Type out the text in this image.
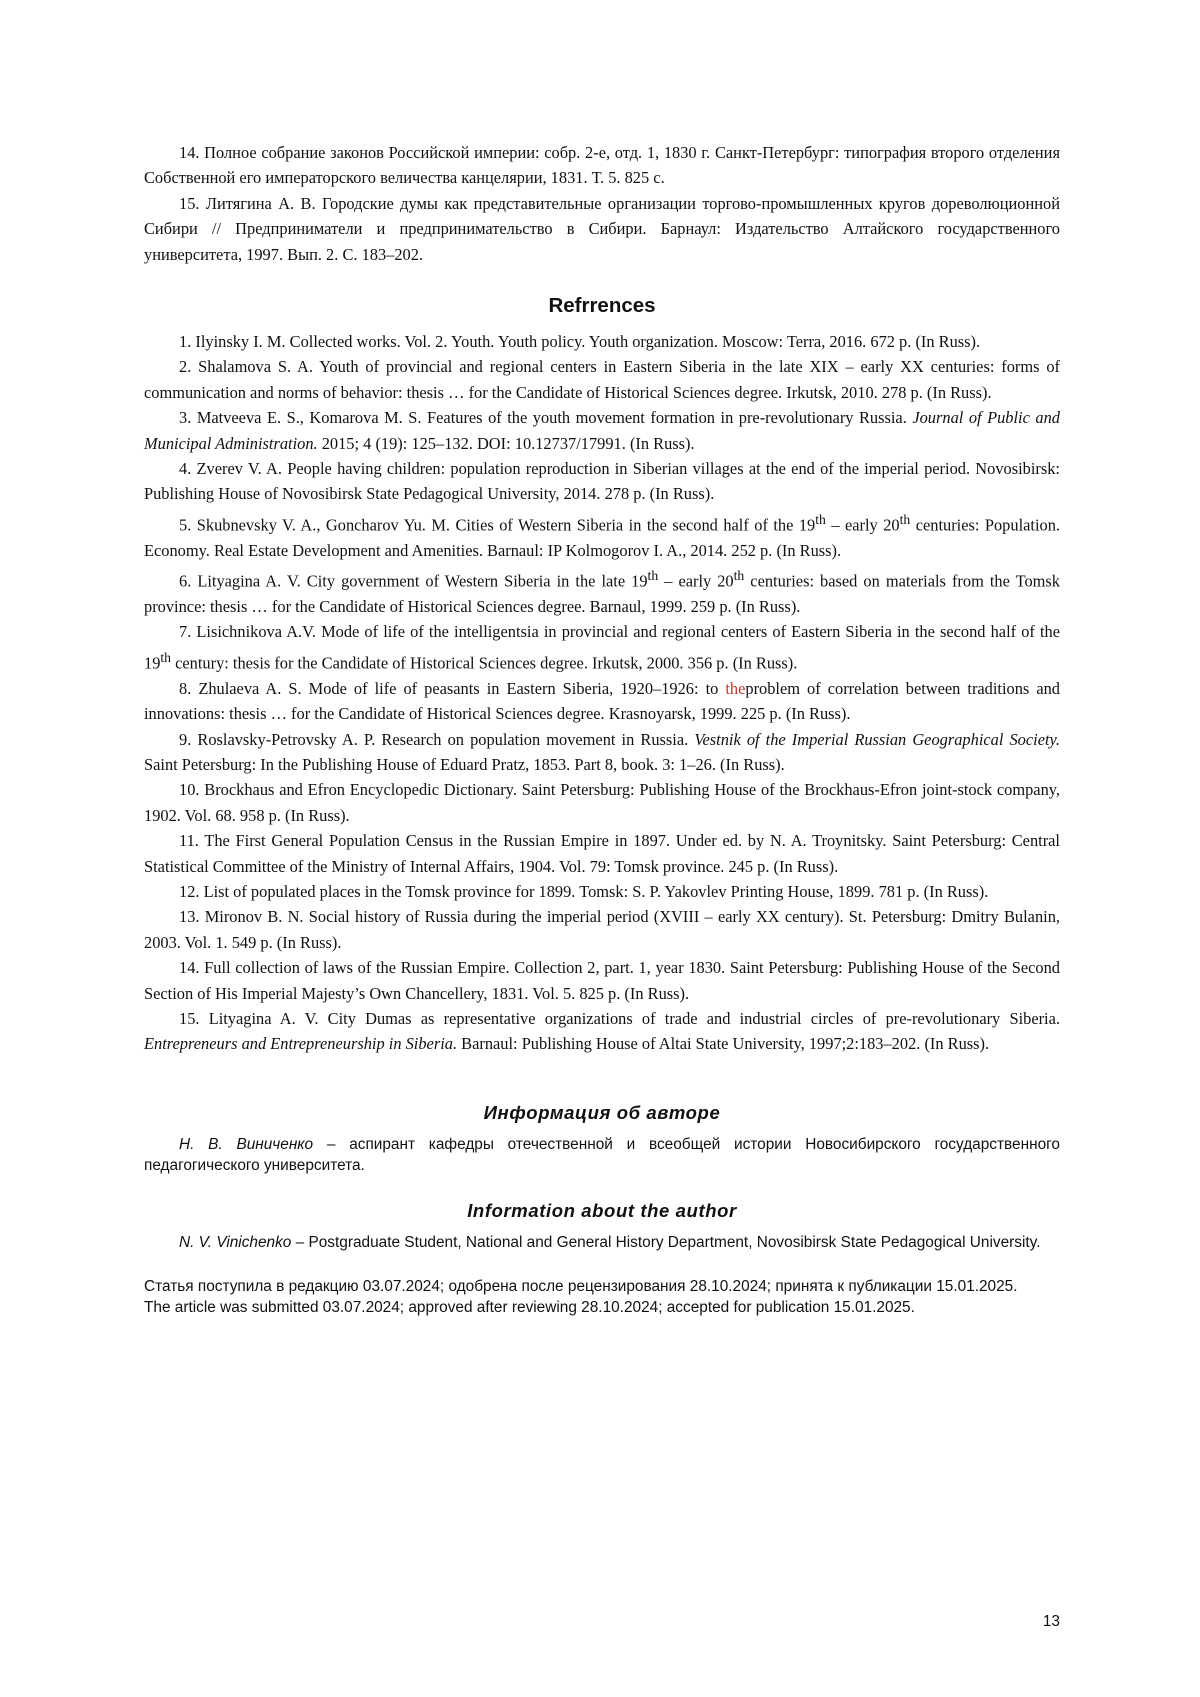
14. Полное собрание законов Российской империи: собр. 2-е, отд. 1, 1830 г. Санкт-Петербург: типография второго отделения Собственной его императорского величества канцелярии, 1831. Т. 5. 825 с.

15. Литягина А. В. Городские думы как представительные организации торгово-промышленных кругов дореволюционной Сибири // Предприниматели и предпринимательство в Сибири. Барнаул: Издательство Алтайского государственного университета, 1997. Вып. 2. С. 183–202.

Refrrences

1. Ilyinsky I. M. Collected works. Vol. 2. Youth. Youth policy. Youth organization. Moscow: Terra, 2016. 672 p. (In Russ).

2. Shalamova S. A. Youth of provincial and regional centers in Eastern Siberia in the late XIX – early XX centuries: forms of communication and norms of behavior: thesis … for the Candidate of Historical Sciences degree. Irkutsk, 2010. 278 p. (In Russ).

3. Matveeva E. S., Komarova M. S. Features of the youth movement formation in pre-revolutionary Russia. Journal of Public and Municipal Administration. 2015; 4 (19): 125–132. DOI: 10.12737/17991. (In Russ).

4. Zverev V. A. People having children: population reproduction in Siberian villages at the end of the imperial period. Novosibirsk: Publishing House of Novosibirsk State Pedagogical University, 2014. 278 p. (In Russ).

5. Skubnevsky V. A., Goncharov Yu. M. Cities of Western Siberia in the second half of the 19th – early 20th centuries: Population. Economy. Real Estate Development and Amenities. Barnaul: IP Kolmogorov I. A., 2014. 252 p. (In Russ).

6. Lityagina A. V. City government of Western Siberia in the late 19th – early 20th centuries: based on materials from the Tomsk province: thesis … for the Candidate of Historical Sciences degree. Barnaul, 1999. 259 p. (In Russ).

7. Lisichnikova A.V. Mode of life of the intelligentsia in provincial and regional centers of Eastern Siberia in the second half of the 19th century: thesis for the Candidate of Historical Sciences degree. Irkutsk, 2000. 356 p. (In Russ).

8. Zhulaeva A. S. Mode of life of peasants in Eastern Siberia, 1920–1926: to theproblem of correlation between traditions and innovations: thesis … for the Candidate of Historical Sciences degree. Krasnoyarsk, 1999. 225 p. (In Russ).

9. Roslavsky-Petrovsky A. P. Research on population movement in Russia. Vestnik of the Imperial Russian Geographical Society. Saint Petersburg: In the Publishing House of Eduard Pratz, 1853. Part 8, book. 3: 1–26. (In Russ).

10. Brockhaus and Efron Encyclopedic Dictionary. Saint Petersburg: Publishing House of the Brockhaus-Efron joint-stock company, 1902. Vol. 68. 958 p. (In Russ).

11. The First General Population Census in the Russian Empire in 1897. Under ed. by N. A. Troynitsky. Saint Petersburg: Central Statistical Committee of the Ministry of Internal Affairs, 1904. Vol. 79: Tomsk province. 245 p. (In Russ).

12. List of populated places in the Tomsk province for 1899. Tomsk: S. P. Yakovlev Printing House, 1899. 781 p. (In Russ).

13. Mironov B. N. Social history of Russia during the imperial period (XVIII – early XX century). St. Petersburg: Dmitry Bulanin, 2003. Vol. 1. 549 p. (In Russ).

14. Full collection of laws of the Russian Empire. Collection 2, part. 1, year 1830. Saint Petersburg: Publishing House of the Second Section of His Imperial Majesty’s Own Chancellery, 1831. Vol. 5. 825 p. (In Russ).

15. Lityagina A. V. City Dumas as representative organizations of trade and industrial circles of pre-revolutionary Siberia. Entrepreneurs and Entrepreneurship in Siberia. Barnaul: Publishing House of Altai State University, 1997;2:183–202. (In Russ).

Информация об авторе

Н. В. Виниченко – аспирант кафедры отечественной и всеобщей истории Новосибирского государственного педагогического университета.

Information about the author

N. V. Vinichenko – Postgraduate Student, National and General History Department, Novosibirsk State Pedagogical University.

Статья поступила в редакцию 03.07.2024; одобрена после рецензирования 28.10.2024; принята к публикации 15.01.2025.

The article was submitted 03.07.2024; approved after reviewing 28.10.2024; accepted for publication 15.01.2025.

13
